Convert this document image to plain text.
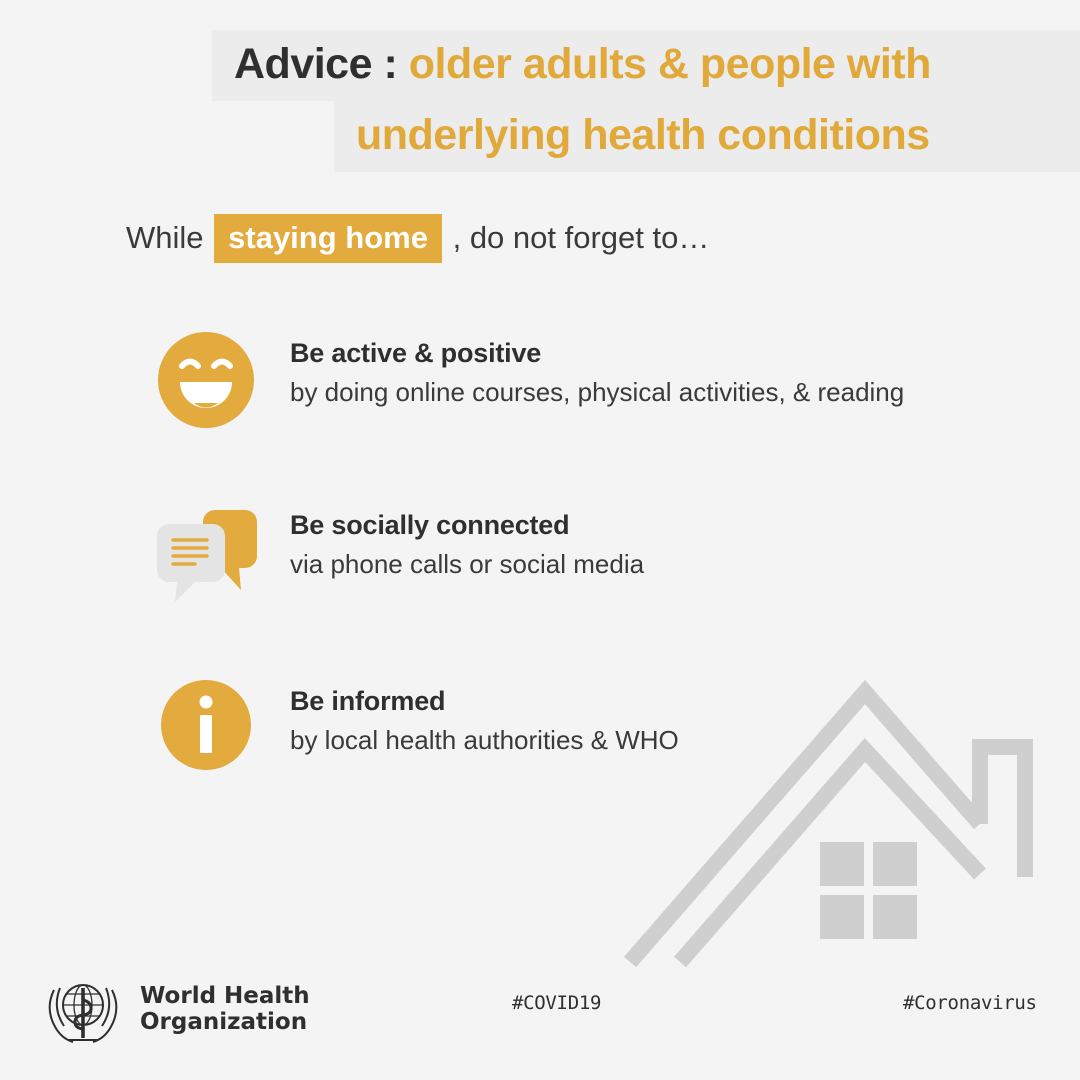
Advice : older adults & people with
underlying health conditions
While staying home , do not forget to…
Be active & positive
by doing online courses, physical activities, & reading
Be socially connected
via phone calls or social media
Be informed
by local health authorities & WHO
World Health
Organization
#COVID19	#Coronavirus
